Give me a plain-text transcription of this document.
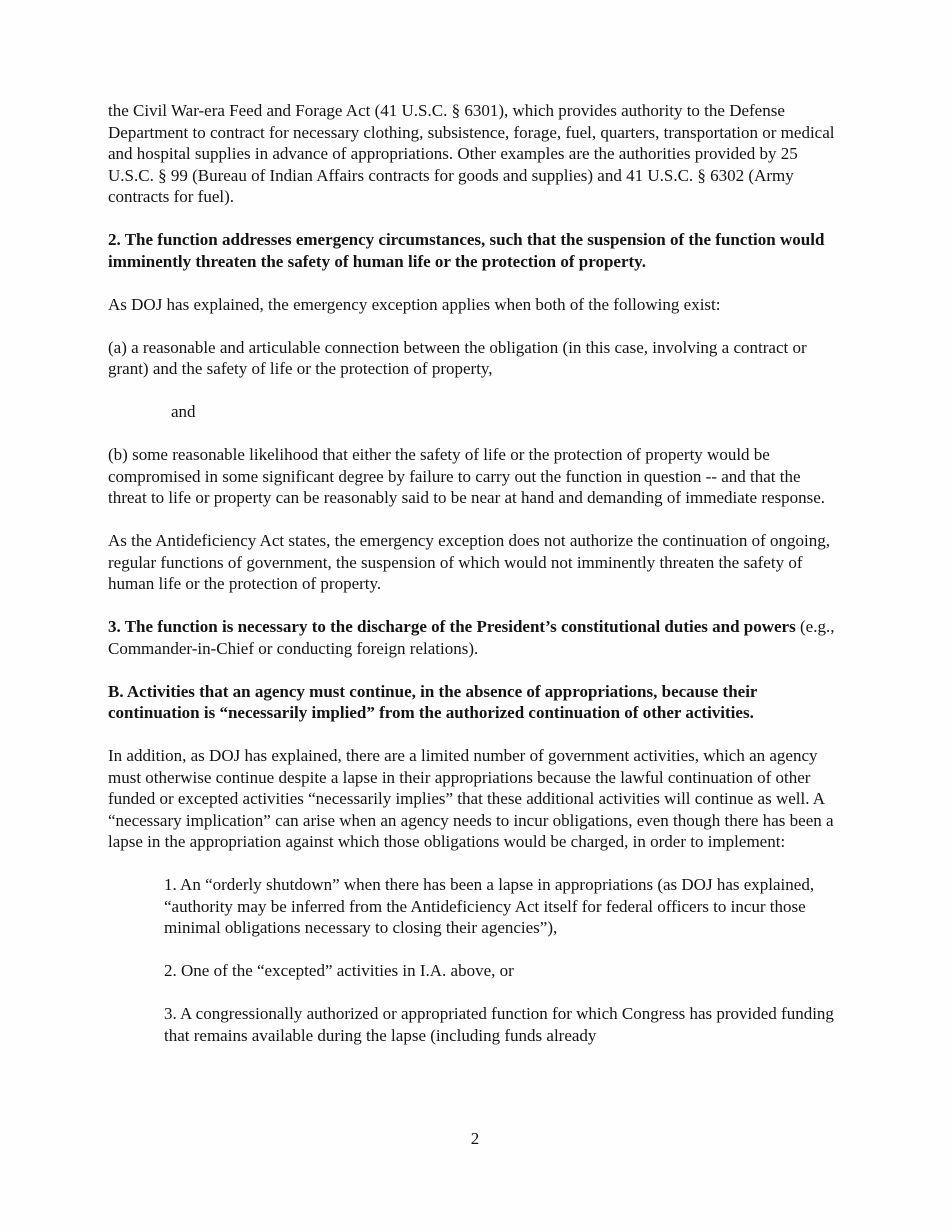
the Civil War-era Feed and Forage Act (41 U.S.C. § 6301), which provides authority to the Defense Department to contract for necessary clothing, subsistence, forage, fuel, quarters, transportation or medical and hospital supplies in advance of appropriations. Other examples are the authorities provided by 25 U.S.C. § 99 (Bureau of Indian Affairs contracts for goods and supplies) and 41 U.S.C. § 6302 (Army contracts for fuel).

2. The function addresses emergency circumstances, such that the suspension of the function would imminently threaten the safety of human life or the protection of property.

As DOJ has explained, the emergency exception applies when both of the following exist:

(a) a reasonable and articulable connection between the obligation (in this case, involving a contract or grant) and the safety of life or the protection of property,

and

(b) some reasonable likelihood that either the safety of life or the protection of property would be compromised in some significant degree by failure to carry out the function in question -- and that the threat to life or property can be reasonably said to be near at hand and demanding of immediate response.

As the Antideficiency Act states, the emergency exception does not authorize the continuation of ongoing, regular functions of government, the suspension of which would not imminently threaten the safety of human life or the protection of property.

3. The function is necessary to the discharge of the President’s constitutional duties and powers (e.g., Commander-in-Chief or conducting foreign relations).

B. Activities that an agency must continue, in the absence of appropriations, because their continuation is “necessarily implied” from the authorized continuation of other activities.

In addition, as DOJ has explained, there are a limited number of government activities, which an agency must otherwise continue despite a lapse in their appropriations because the lawful continuation of other funded or excepted activities “necessarily implies” that these additional activities will continue as well. A “necessary implication” can arise when an agency needs to incur obligations, even though there has been a lapse in the appropriation against which those obligations would be charged, in order to implement:

1. An “orderly shutdown” when there has been a lapse in appropriations (as DOJ has explained, “authority may be inferred from the Antideficiency Act itself for federal officers to incur those minimal obligations necessary to closing their agencies”),

2. One of the “excepted” activities in I.A. above, or

3. A congressionally authorized or appropriated function for which Congress has provided funding that remains available during the lapse (including funds already

2
